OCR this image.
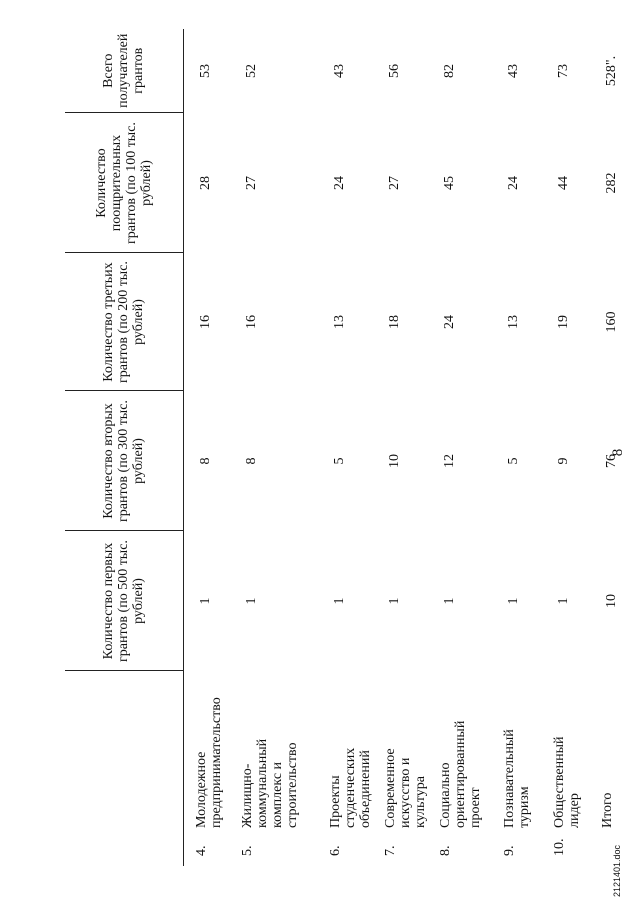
8
	Количество первых грантов (по 500 тыс. рублей)	Количество вторых грантов (по 300 тыс. рублей)	Количество третьих грантов (по 200 тыс. рублей)	Количество поощрительных грантов (по 100 тыс. рублей)	Всего получателей грантов
4.Молодежное предпринимательство	1	8	16	28	53
5.Жилищно-коммунальный комплекс и строительство	1	8	16	27	52
6.Проекты студенческих объединений	1	5	13	24	43
7.Современное искусство и культура	1	10	18	27	56
8.Социально ориентированный проект	1	12	24	45	82
9.Познавательный туризм	1	5	13	24	43
10.Общественный лидер	1	9	19	44	73
Итого	10	76	160	282	528".
2121401.doc
